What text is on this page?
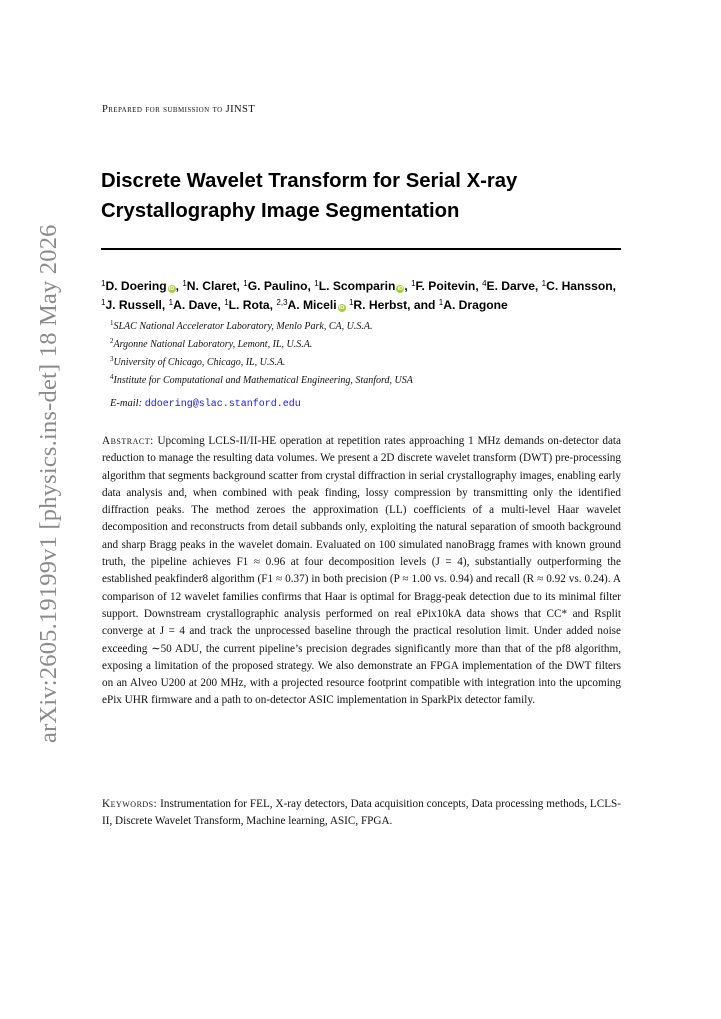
arXiv:2605.19199v1 [physics.ins-det] 18 May 2026
Prepared for submission to JINST
Discrete Wavelet Transform for Serial X-ray Crystallography Image Segmentation
$^1$D. Doering iD, $^1$N. Claret, $^1$G. Paulino, $^1$L. Scomparin iD, $^1$F. Poitevin, $^4$E. Darve, $^1$C. Hansson, $^1$J. Russell, $^1$A. Dave, $^1$L. Rota, $^{2,3}$A. Miceli iD $^1$R. Herbst, and $^1$A. Dragone
$^1$SLAC National Accelerator Laboratory, Menlo Park, CA, U.S.A.
$^2$Argonne National Laboratory, Lemont, IL, U.S.A.
$^3$University of Chicago, Chicago, IL, U.S.A.
$^4$Institute for Computational and Mathematical Engineering, Stanford, USA
E-mail: ddoering@slac.stanford.edu

Abstract: Upcoming LCLS-II/II-HE operation at repetition rates approaching 1 MHz demands on-detector data reduction to manage the resulting data volumes. We present a 2D discrete wavelet transform (DWT) pre-processing algorithm that segments background scatter from crystal diffraction in serial crystallography images, enabling early data analysis and, when combined with peak finding, lossy compression by transmitting only the identified diffraction peaks. The method zeroes the approximation (LL) coefficients of a multi-level Haar wavelet decomposition and reconstructs from detail subbands only, exploiting the natural separation of smooth background and sharp Bragg peaks in the wavelet domain. Evaluated on 100 simulated nanoBragg frames with known ground truth, the pipeline achieves F1 ≈ 0.96 at four decomposition levels (J = 4), substantially outperforming the established peakfinder8 algorithm (F1 ≈ 0.37) in both precision (P ≈ 1.00 vs. 0.94) and recall (R ≈ 0.92 vs. 0.24). A comparison of 12 wavelet families confirms that Haar is optimal for Bragg-peak detection due to its minimal filter support. Downstream crystallographic analysis performed on real ePix10kA data shows that CC* and Rsplit converge at J = 4 and track the unprocessed baseline through the practical resolution limit. Under added noise exceeding ∼50 ADU, the current pipeline’s precision degrades significantly more than that of the pf8 algorithm, exposing a limitation of the proposed strategy. We also demonstrate an FPGA implementation of the DWT filters on an Alveo U200 at 200 MHz, with a projected resource footprint compatible with integration into the upcoming ePix UHR firmware and a path to on-detector ASIC implementation in SparkPix detector family.

Keywords: Instrumentation for FEL, X-ray detectors, Data acquisition concepts, Data processing methods, LCLS-II, Discrete Wavelet Transform, Machine learning, ASIC, FPGA.
